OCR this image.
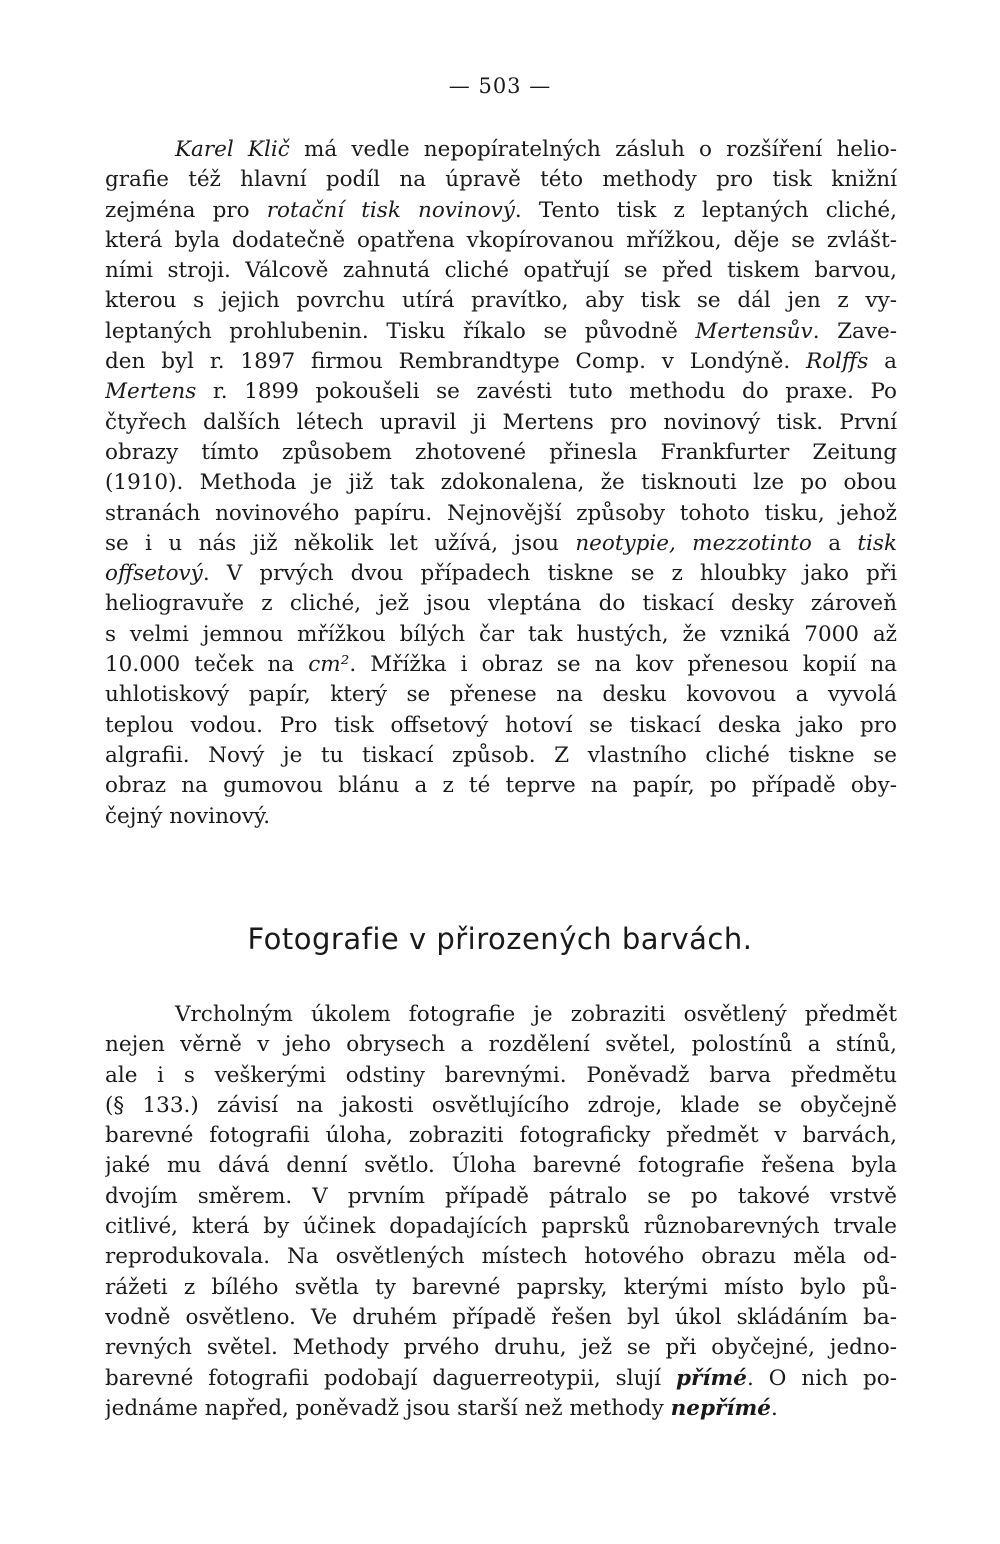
— 503 —
Karel Klič má vedle nepopíratelných zásluh o rozšíření helio-
grafie též hlavní podíl na úpravě této methody pro tisk knižní
zejména pro rotační tisk novinový. Tento tisk z leptaných cliché,
která byla dodatečně opatřena vkopírovanou mřížkou, děje se zvlášt-
ními stroji. Válcově zahnutá cliché opatřují se před tiskem barvou,
kterou s jejich povrchu utírá pravítko, aby tisk se dál jen z vy-
leptaných prohlubenin. Tisku říkalo se původně Mertensův. Zave-
den byl r. 1897 firmou Rembrandtype Comp. v Londýně. Rolffs a
Mertens r. 1899 pokoušeli se zavésti tuto methodu do praxe. Po
čtyřech dalších létech upravil ji Mertens pro novinový tisk. První
obrazy tímto způsobem zhotovené přinesla Frankfurter Zeitung
(1910). Methoda je již tak zdokonalena, že tisknouti lze po obou
stranách novinového papíru. Nejnovější způsoby tohoto tisku, jehož
se i u nás již několik let užívá, jsou neotypie, mezzotinto a tisk
offsetový. V prvých dvou případech tiskne se z hloubky jako při
heliogravuře z cliché, jež jsou vleptána do tiskací desky zároveň
s velmi jemnou mřížkou bílých čar tak hustých, že vzniká 7000 až
10.000 teček na cm². Mřížka i obraz se na kov přenesou kopií na
uhlotiskový papír, který se přenese na desku kovovou a vyvolá
teplou vodou. Pro tisk offsetový hotoví se tiskací deska jako pro
algrafii. Nový je tu tiskací způsob. Z vlastního cliché tiskne se
obraz na gumovou blánu a z té teprve na papír, po případě oby-
čejný novinový.
Fotografie v přirozených barvách.
Vrcholným úkolem fotografie je zobraziti osvětlený předmět
nejen věrně v jeho obrysech a rozdělení světel, polostínů a stínů,
ale i s veškerými odstiny barevnými. Poněvadž barva předmětu
(§ 133.) závisí na jakosti osvětlujícího zdroje, klade se obyčejně
barevné fotografii úloha, zobraziti fotograficky předmět v barvách,
jaké mu dává denní světlo. Úloha barevné fotografie řešena byla
dvojím směrem. V prvním případě pátralo se po takové vrstvě
citlivé, která by účinek dopadajících paprsků různobarevných trvale
reprodukovala. Na osvětlených místech hotového obrazu měla od-
rážeti z bílého světla ty barevné paprsky, kterými místo bylo pů-
vodně osvětleno. Ve druhém případě řešen byl úkol skládáním ba-
revných světel. Methody prvého druhu, jež se při obyčejné, jedno-
barevné fotografii podobají daguerreotypii, slují přímé. O nich po-
jednáme napřed, poněvadž jsou starší než methody nepřímé.
